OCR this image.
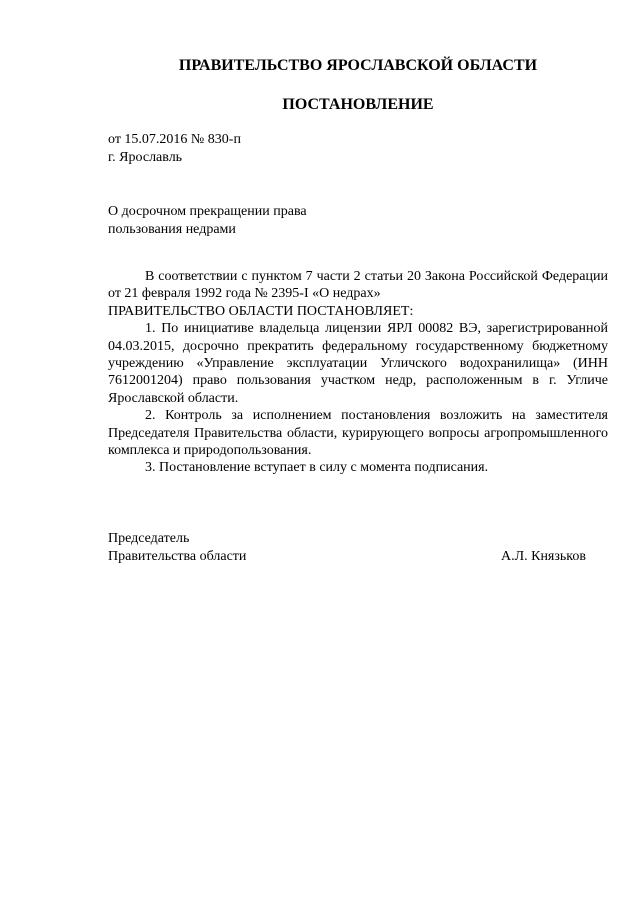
ПРАВИТЕЛЬСТВО ЯРОСЛАВСКОЙ ОБЛАСТИ
ПОСТАНОВЛЕНИЕ
от 15.07.2016 № 830-п
г. Ярославль
О досрочном прекращении права
пользования недрами

В соответствии с пунктом 7 части 2 статьи 20 Закона Российской Федерации от 21 февраля 1992 года № 2395-I «О недрах»

ПРАВИТЕЛЬСТВО ОБЛАСТИ ПОСТАНОВЛЯЕТ:

1. По инициативе владельца лицензии ЯРЛ 00082 ВЭ, зарегистрированной 04.03.2015, досрочно прекратить федеральному государственному бюджетному учреждению «Управление эксплуатации Угличского водохранилища» (ИНН 7612001204) право пользования участком недр, расположенным в г. Угличе Ярославской области.

2. Контроль за исполнением постановления возложить на заместителя Председателя Правительства области, курирующего вопросы агропромышленного комплекса и природопользования.

3. Постановление вступает в силу с момента подписания.

Председатель
Правительства области	А.Л. Князьков
